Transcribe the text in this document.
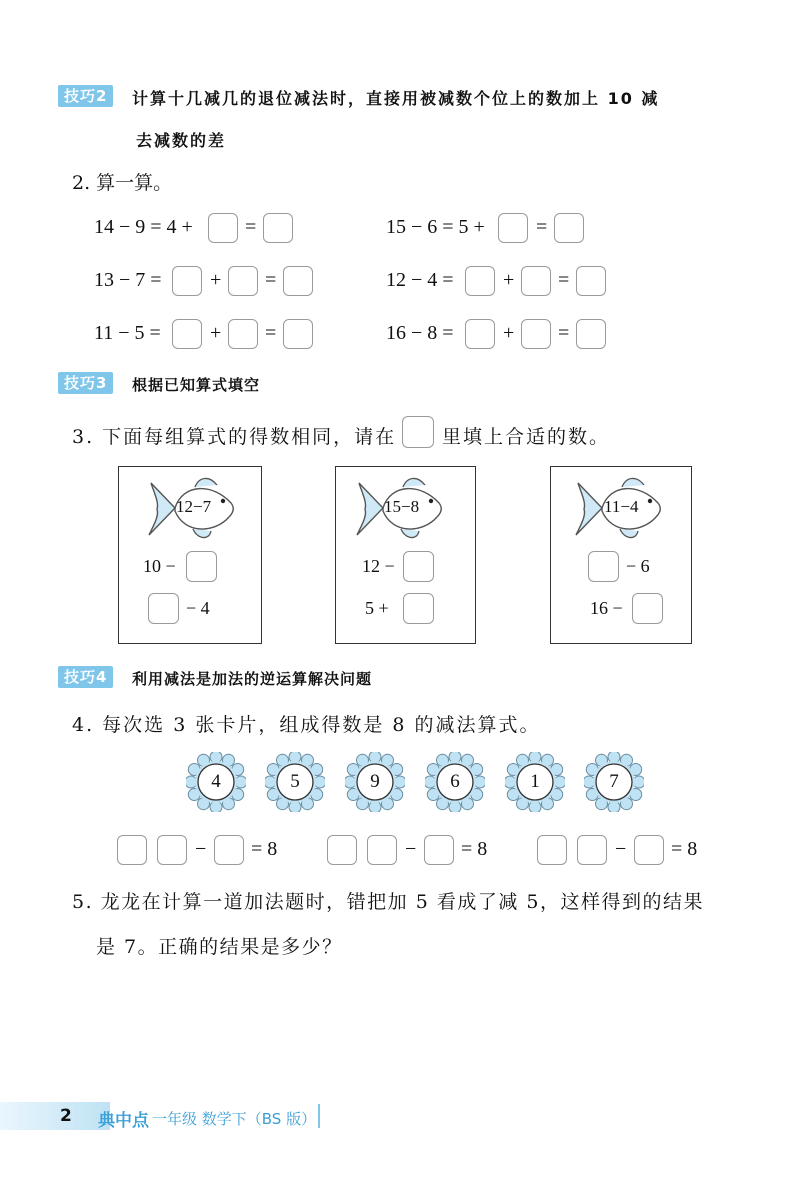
技巧2	计算十几减几的退位减法时，直接用被减数个位上的数加上 10 减
去减数的差
2. 算一算。
14 − 9 = 4 +	=
13 − 7 = + =
11 − 5 = + =
15 − 6 = 5 +	=
12 − 4 = + =
16 − 8 = + =
技巧3	根据已知算式填空
3. 下面每组算式的得数相同，请在 里填上合适的数。
12−7
10 −
− 4
15−8
12 −
5 +
11−4
− 6
16 −
技巧4	利用减法是加法的逆运算解决问题
4. 每次选 3 张卡片，组成得数是 8 的减法算式。
4	5	9	6	1	7
− = 8	− = 8	− = 8
5. 龙龙在计算一道加法题时，错把加 5 看成了减 5，这样得到的结果
是 7。正确的结果是多少？
2 典中点 一年级 数学下（BS 版）
